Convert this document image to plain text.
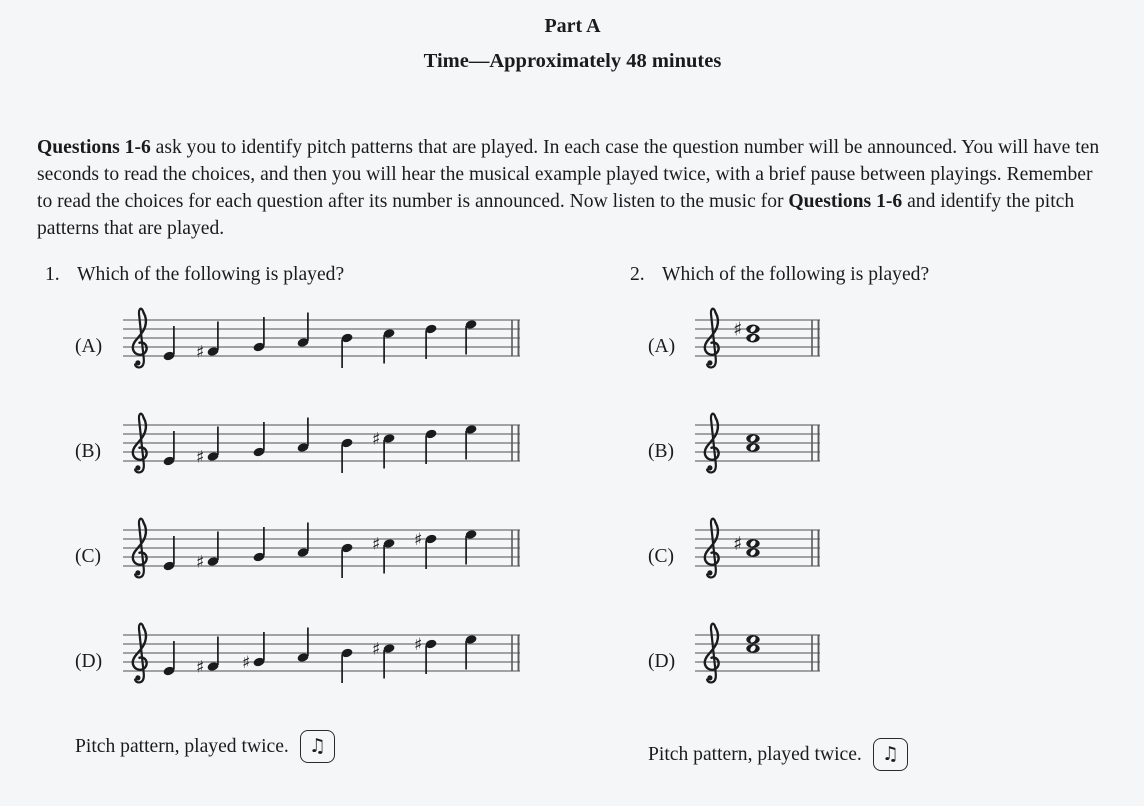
Part A
Time—Approximately 48 minutes

Questions 1-6 ask you to identify pitch patterns that are played. In each case the question number will be announced. You will have ten seconds to read the choices, and then you will hear the musical example played twice, with a brief pause between playings. Remember to read the choices for each question after its number is announced. Now listen to the music for Questions 1-6 and identify the pitch patterns that are played.

1. Which of the following is played?
(A)	♯
(B)	♯
♯
(C)	♯
♯ ♯
(D)	♯ ♯
♯ ♯
Pitch pattern, played twice.	♫
2. Which of the following is played?
(A)
♯
(B)
(C)
♯
(D)
Pitch pattern, played twice.	♫
